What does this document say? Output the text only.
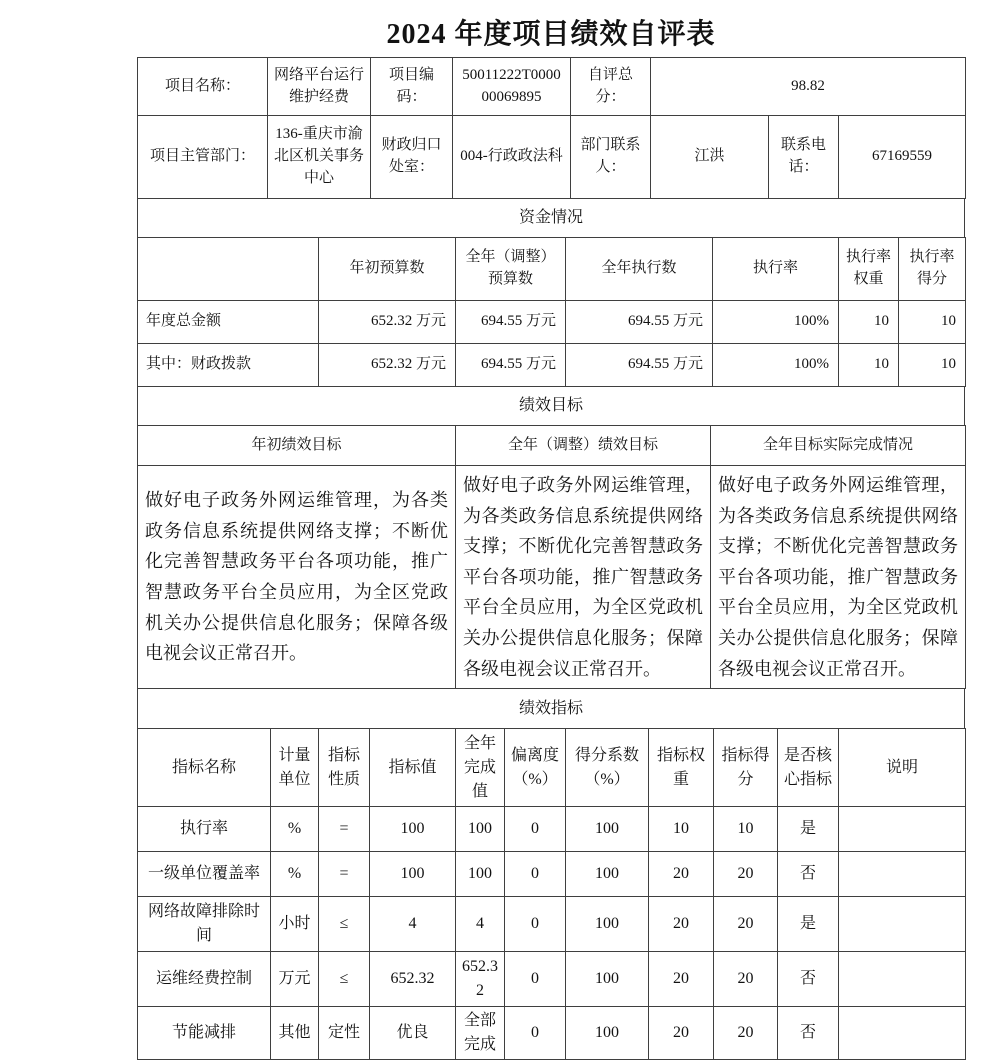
2024 年度项目绩效自评表
项目名称：	网络平台运行维护经费	项目编码：	50011222T000000069895	自评总分：	98.82		
项目主管部门：	136-重庆市渝北区机关事务中心	财政归口处室：	004-行政政法科	部门联系人：	江洪	联系电话：	67169559
资金情况
	年初预算数	全年（调整）预算数	全年执行数	执行率	执行率权重	执行率得分
年度总金额	652.32 万元	694.55 万元	694.55 万元	100%	10	10
其中：财政拨款	652.32 万元	694.55 万元	694.55 万元	100%	10	10
绩效目标
年初绩效目标	全年（调整）绩效目标	全年目标实际完成情况
做好电子政务外网运维管理，为各类政务信息系统提供网络支撑；不断优化完善智慧政务平台各项功能，推广智慧政务平台全员应用，为全区党政机关办公提供信息化服务；保障各级电视会议正常召开。	做好电子政务外网运维管理，为各类政务信息系统提供网络支撑；不断优化完善智慧政务平台各项功能，推广智慧政务平台全员应用，为全区党政机关办公提供信息化服务；保障各级电视会议正常召开。	做好电子政务外网运维管理，为各类政务信息系统提供网络支撑；不断优化完善智慧政务平台各项功能，推广智慧政务平台全员应用，为全区党政机关办公提供信息化服务；保障各级电视会议正常召开。
绩效指标
指标名称	计量单位	指标性质	指标值	全年完成值	偏离度（%）	得分系数（%）	指标权重	指标得分	是否核心指标	说明
执行率	%	=	100	100	0	100	10	10	是	
一级单位覆盖率	%	=	100	100	0	100	20	20	否	
网络故障排除时间	小时	≤	4	4	0	100	20	20	是	
运维经费控制	万元	≤	652.32	652.32	0	100	20	20	否	
节能减排	其他	定性	优良	全部完成	0	100	20	20	否	
